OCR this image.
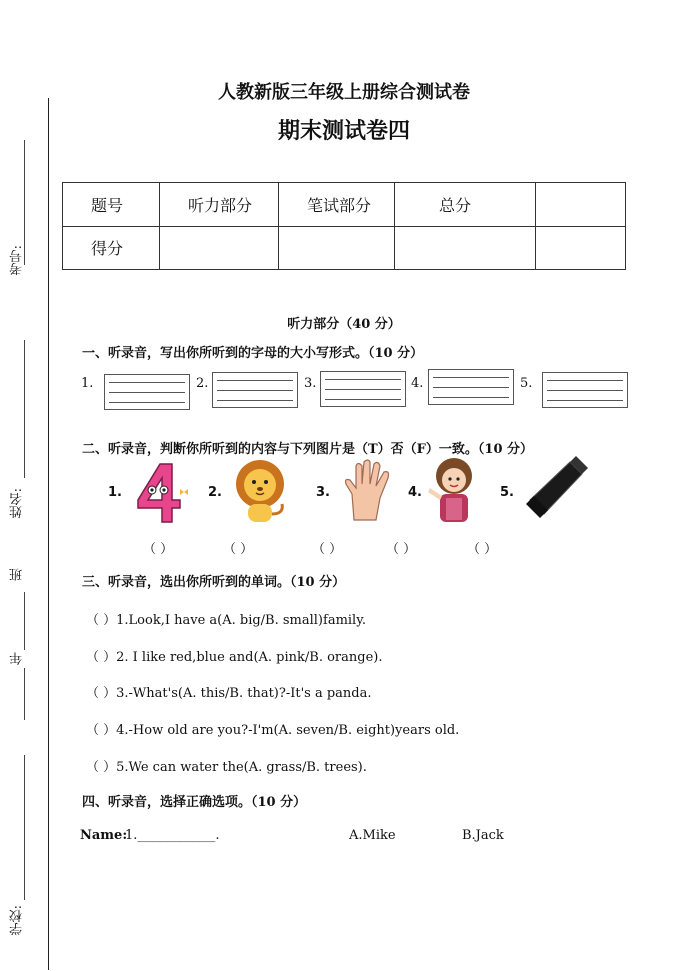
考号:
姓名:
班
年
学校:
人教新版三年级上册综合测试卷
期末测试卷四
题号	听力部分	笔试部分	总分	
得分				
听力部分（40 分）
一、听录音，写出你所听到的字母的大小写形式。（10 分）
1.	2.	3.	4.	5.
二、听录音，判断你所听到的内容与下列图片是（T）否（F）一致。（10 分）
1.	2.	3.	4.	5.
（ ）	（ ）	（ ）	（ ）	（ ）
三、听录音，选出你所听到的单词。（10 分）
（ ）1.Look,I have a(A. big/B. small)family.
（ ）2. I like red,blue and(A. pink/B. orange).
（ ）3.-What's(A. this/B. that)?-It's a panda.
（ ）4.-How old are you?-I'm(A. seven/B. eight)years old.
（ ）5.We can water the(A. grass/B. trees).
四、听录音，选择正确选项。（10 分）
Name:
1.____________.	A.Mike	B.Jack
